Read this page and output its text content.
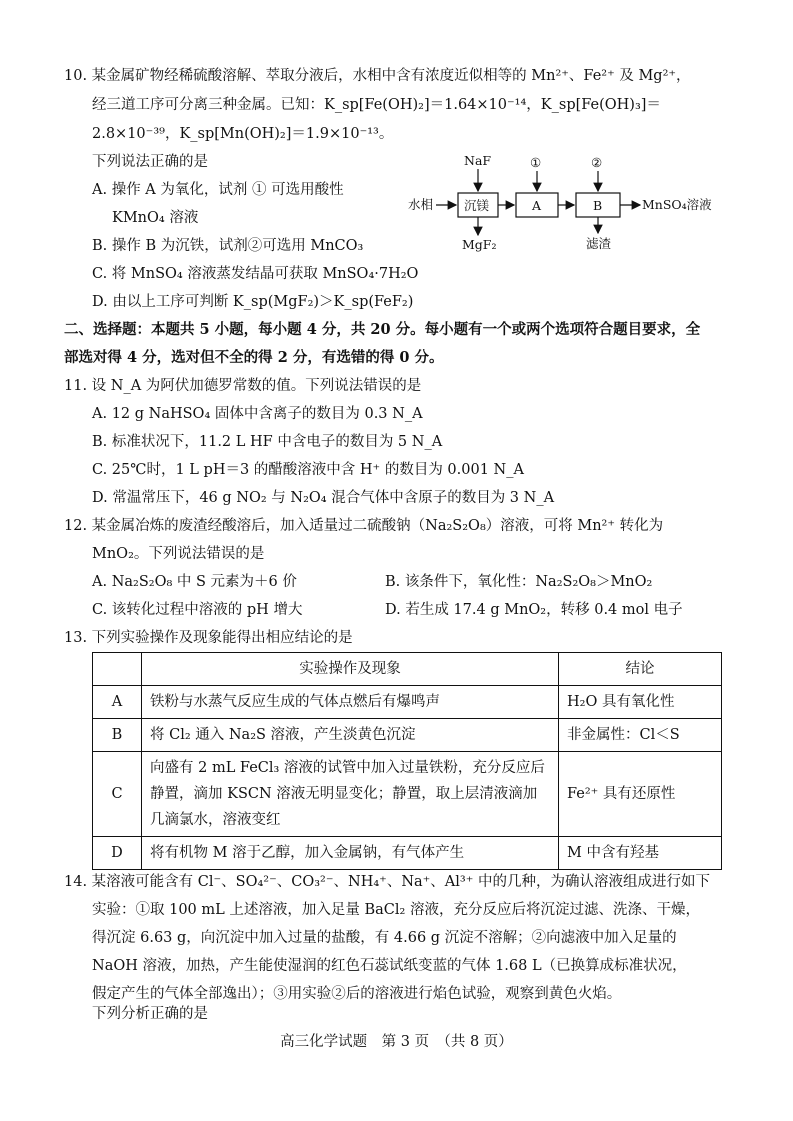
10. 某金属矿物经稀硫酸溶解、萃取分液后，水相中含有浓度近似相等的 Mn²⁺、Fe²⁺ 及 Mg²⁺，
经三道工序可分离三种金属。已知：K_sp[Fe(OH)₂]＝1.64×10⁻¹⁴，K_sp[Fe(OH)₃]＝
2.8×10⁻³⁹，K_sp[Mn(OH)₂]＝1.9×10⁻¹³。
下列说法正确的是
A. 操作 A 为氧化，试剂 ① 可选用酸性
KMnO₄ 溶液
B. 操作 B 为沉铁，试剂②可选用 MnCO₃
C. 将 MnSO₄ 溶液蒸发结晶可获取 MnSO₄·7H₂O
D. 由以上工序可判断 K_sp(MgF₂)＞K_sp(FeF₂)
水相 沉镁
NaF
MgF₂
A
①
B
②
滤渣
MnSO₄溶液
二、选择题：本题共 5 小题，每小题 4 分，共 20 分。每小题有一个或两个选项符合题目要求，全
部选对得 4 分，选对但不全的得 2 分，有选错的得 0 分。
11. 设 N_A 为阿伏加德罗常数的值。下列说法错误的是
A. 12 g NaHSO₄ 固体中含离子的数目为 0.3 N_A
B. 标准状况下，11.2 L HF 中含电子的数目为 5 N_A
C. 25℃时，1 L pH＝3 的醋酸溶液中含 H⁺ 的数目为 0.001 N_A
D. 常温常压下，46 g NO₂ 与 N₂O₄ 混合气体中含原子的数目为 3 N_A
12. 某金属冶炼的废渣经酸溶后，加入适量过二硫酸钠（Na₂S₂O₈）溶液，可将 Mn²⁺ 转化为
MnO₂。下列说法错误的是
A. Na₂S₂O₈ 中 S 元素为＋6 价	B. 该条件下，氧化性：Na₂S₂O₈＞MnO₂
C. 该转化过程中溶液的 pH 增大	D. 若生成 17.4 g MnO₂，转移 0.4 mol 电子
13. 下列实验操作及现象能得出相应结论的是
	实验操作及现象	结论
A	铁粉与水蒸气反应生成的气体点燃后有爆鸣声	H₂O 具有氧化性
B	将 Cl₂ 通入 Na₂S 溶液，产生淡黄色沉淀	非金属性：Cl＜S
C	向盛有 2 mL FeCl₃ 溶液的试管中加入过量铁粉，充分反应后静置，滴加 KSCN 溶液无明显变化；静置，取上层清液滴加几滴氯水，溶液变红	Fe²⁺ 具有还原性
D	将有机物 M 溶于乙醇，加入金属钠，有气体产生	M 中含有羟基
14. 某溶液可能含有 Cl⁻、SO₄²⁻、CO₃²⁻、NH₄⁺、Na⁺、Al³⁺ 中的几种，为确认溶液组成进行如下
实验：①取 100 mL 上述溶液，加入足量 BaCl₂ 溶液，充分反应后将沉淀过滤、洗涤、干燥，
得沉淀 6.63 g，向沉淀中加入过量的盐酸，有 4.66 g 沉淀不溶解；②向滤液中加入足量的
NaOH 溶液，加热，产生能使湿润的红色石蕊试纸变蓝的气体 1.68 L（已换算成标准状况，
假定产生的气体全部逸出）；③用实验②后的溶液进行焰色试验，观察到黄色火焰。
下列分析正确的是
高三化学试题　第 3 页　（共 8 页）
